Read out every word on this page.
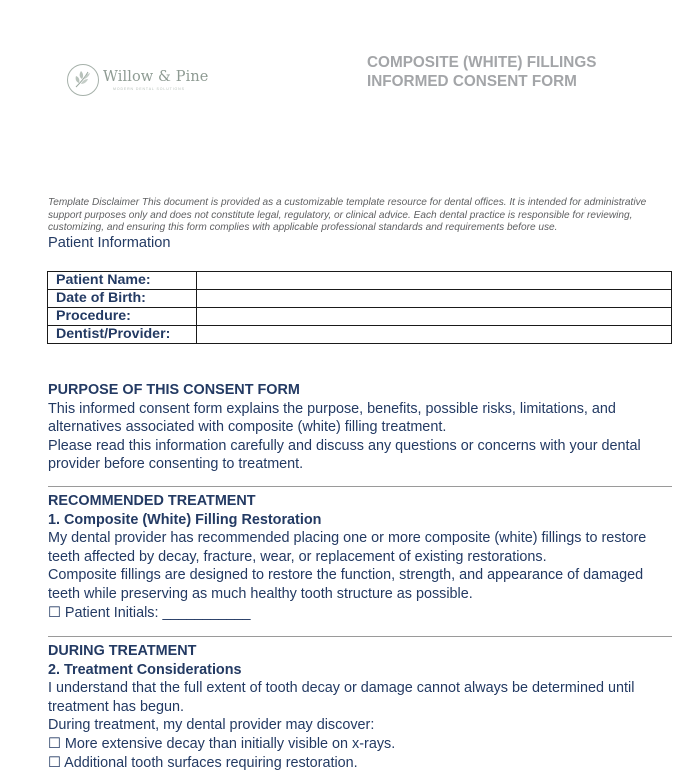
Willow & Pine
MODERN DENTAL SOLUTIONS
COMPOSITE (WHITE) FILLINGS
INFORMED CONSENT FORM
Template Disclaimer This document is provided as a customizable template resource for dental offices. It is intended for administrative support purposes only and does not constitute legal, regulatory, or clinical advice. Each dental practice is responsible for reviewing, customizing, and ensuring this form complies with applicable professional standards and requirements before use.
Patient Information
Patient Name:	
Date of Birth:	
Procedure:	
Dentist/Provider:	
PURPOSE OF THIS CONSENT FORM
This informed consent form explains the purpose, benefits, possible risks, limitations, and alternatives associated with composite (white) filling treatment.
Please read this information carefully and discuss any questions or concerns with your dental provider before consenting to treatment.
RECOMMENDED TREATMENT
1. Composite (White) Filling Restoration
My dental provider has recommended placing one or more composite (white) fillings to restore teeth affected by decay, fracture, wear, or replacement of existing restorations.
Composite fillings are designed to restore the function, strength, and appearance of damaged teeth while preserving as much healthy tooth structure as possible.
☐ Patient Initials: ___________
DURING TREATMENT
2. Treatment Considerations
I understand that the full extent of tooth decay or damage cannot always be determined until treatment has begun.
During treatment, my dental provider may discover:
☐ More extensive decay than initially visible on x-rays.
☐ Additional tooth surfaces requiring restoration.
